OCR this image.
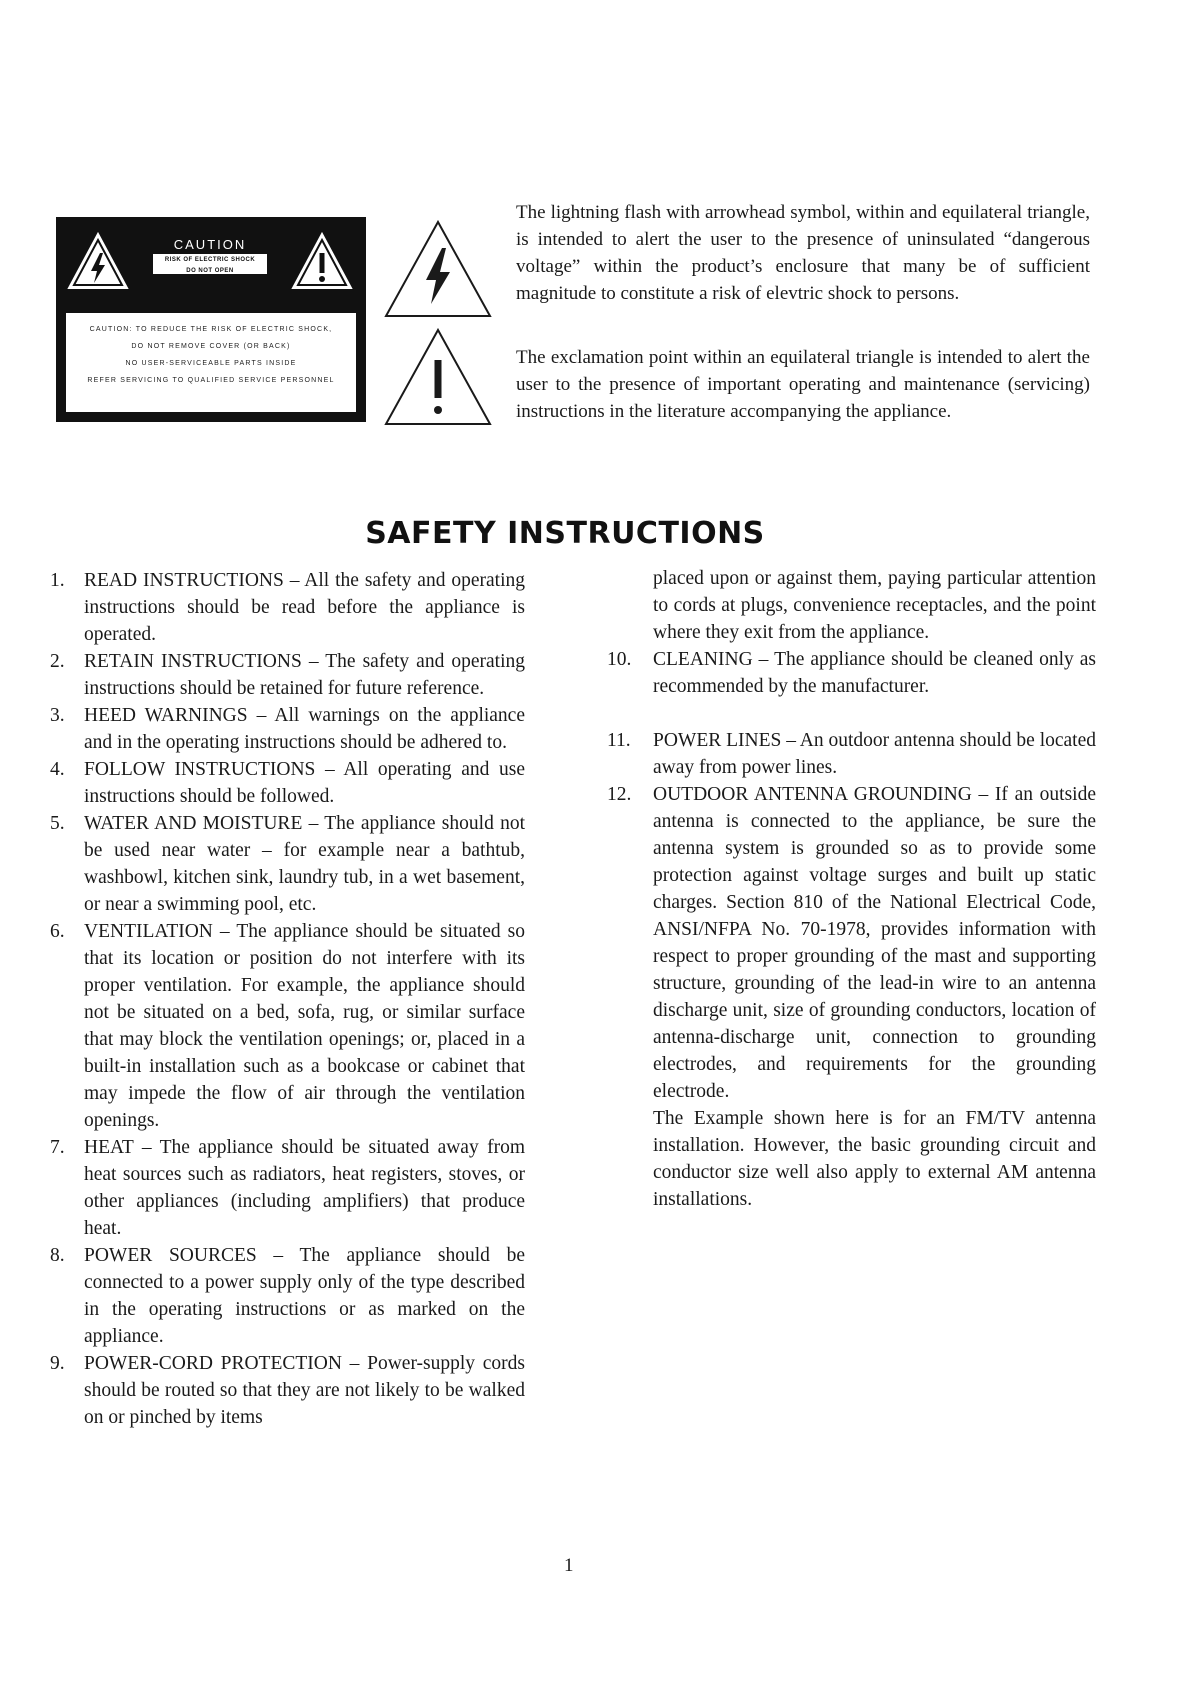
CAUTION
RISK OF ELECTRIC SHOCK
DO NOT OPEN
CAUTION: TO REDUCE THE RISK OF ELECTRIC SHOCK,
DO NOT REMOVE COVER (OR BACK)
NO USER-SERVICEABLE PARTS INSIDE
REFER SERVICING TO QUALIFIED SERVICE PERSONNEL

The lightning flash with arrowhead symbol, within and equilateral triangle, is intended to alert the user to the presence of uninsulated “dangerous voltage” within the product’s enclosure that many be of sufficient magnitude to constitute a risk of elevtric shock to persons.

The exclamation point within an equilateral triangle is intended to alert the user to the presence of important operating and maintenance (servicing) instructions in the literature accompanying the appliance.

SAFETY INSTRUCTIONS
1. READ INSTRUCTIONS – All the safety and operating instructions should be read before the appliance is operated.
2. RETAIN INSTRUCTIONS – The safety and operating instructions should be retained for future reference.
3. HEED WARNINGS – All warnings on the appliance and in the operating instructions should be adhered to.
4. FOLLOW INSTRUCTIONS – All operating and use instructions should be followed.
5. WATER AND MOISTURE – The appliance should not be used near water – for example near a bathtub, washbowl, kitchen sink, laundry tub, in a wet basement, or near a swimming pool, etc.
6. VENTILATION – The appliance should be situated so that its location or position do not interfere with its proper ventilation. For example, the appliance should not be situated on a bed, sofa, rug, or similar surface that may block the ventilation openings; or, placed in a built-in installation such as a bookcase or cabinet that may impede the flow of air through the ventilation openings.
7. HEAT – The appliance should be situated away from heat sources such as radiators, heat registers, stoves, or other appliances (including amplifiers) that produce heat.
8. POWER SOURCES – The appliance should be connected to a power supply only of the type described in the operating instructions or as marked on the appliance.
9. POWER-CORD PROTECTION – Power-supply cords should be routed so that they are not likely to be walked on or pinched by items
placed upon or against them, paying particular attention to cords at plugs, convenience receptacles, and the point where they exit from the appliance.
10. CLEANING – The appliance should be cleaned only as recommended by the manufacturer.
11. POWER LINES – An outdoor antenna should be located away from power lines.
12. OUTDOOR ANTENNA GROUNDING – If an outside antenna is connected to the appliance, be sure the antenna system is grounded so as to provide some protection against voltage surges and built up static charges. Section 810 of the National Electrical Code, ANSI/NFPA No. 70-1978, provides information with respect to proper grounding of the mast and supporting structure, grounding of the lead-in wire to an antenna discharge unit, size of grounding conductors, location of antenna-discharge unit, connection to grounding electrodes, and requirements for the grounding electrode.
The Example shown here is for an FM/TV antenna installation. However, the basic grounding circuit and conductor size well also apply to external AM antenna installations.

1
